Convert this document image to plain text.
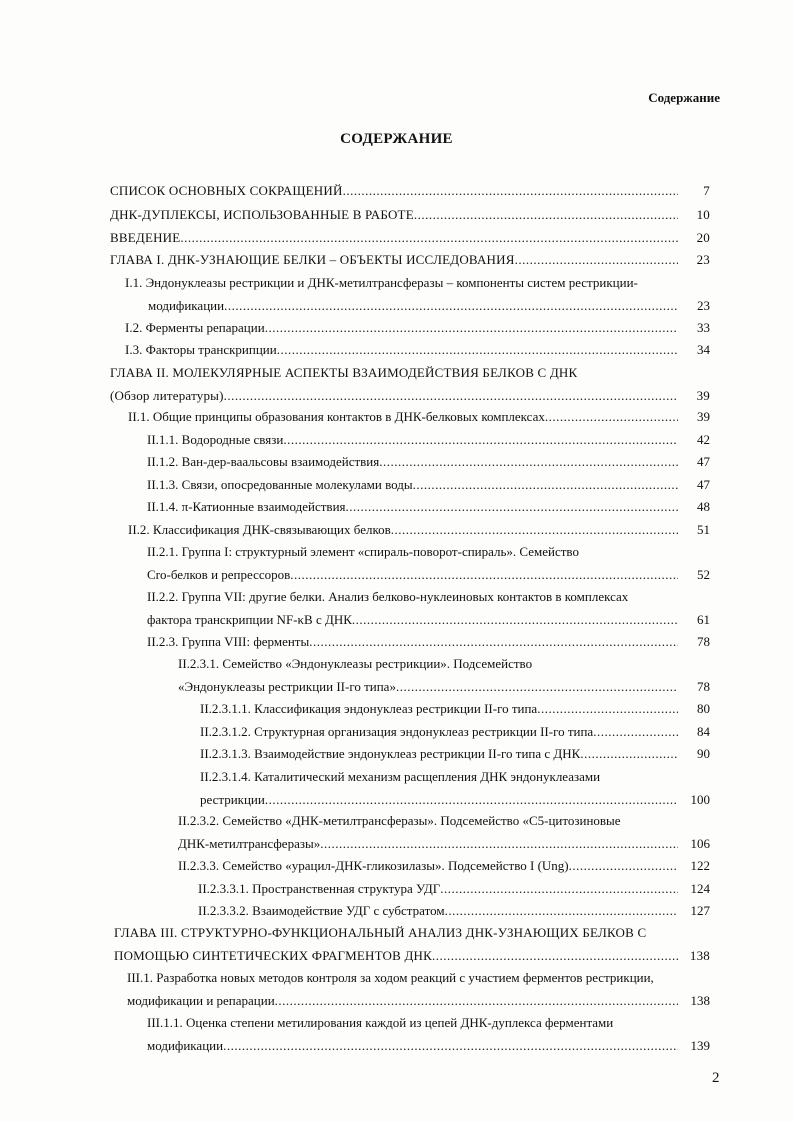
Содержание
СОДЕРЖАНИЕ
СПИСОК ОСНОВНЫХ СОКРАЩЕНИЙ .....	7
ДНК-ДУПЛЕКСЫ, ИСПОЛЬЗОВАННЫЕ В РАБОТЕ .....	10
ВВЕДЕНИЕ .....	20
ГЛАВА I. ДНК-УЗНАЮЩИЕ БЕЛКИ – ОБЪЕКТЫ ИССЛЕДОВАНИЯ .....	23
I.1. Эндонуклеазы рестрикции и ДНК-метилтрансферазы – компоненты систем рестрикции-
модификации .....	23
I.2. Ферменты репарации .....	33
I.3. Факторы транскрипции .....	34
ГЛАВА II. МОЛЕКУЛЯРНЫЕ АСПЕКТЫ ВЗАИМОДЕЙСТВИЯ БЕЛКОВ С ДНК
(Обзор литературы) .....	39
II.1. Общие принципы образования контактов в ДНК-белковых комплексах .....	39
II.1.1. Водородные связи .....	42
II.1.2. Ван-дер-ваальсовы взаимодействия .....	47
II.1.3. Связи, опосредованные молекулами воды .....	47
II.1.4. π-Катионные взаимодействия .....	48
II.2. Классификация ДНК-связывающих белков .....	51
II.2.1. Группа I: структурный элемент «спираль-поворот-спираль». Семейство
Cro-белков и репрессоров .....	52
II.2.2. Группа VII: другие белки. Анализ белково-нуклеиновых контактов в комплексах
фактора транскрипции NF-κB с ДНК .....	61
II.2.3. Группа VIII: ферменты .....	78
II.2.3.1. Семейство «Эндонуклеазы рестрикции». Подсемейство
«Эндонуклеазы рестрикции II-го типа» .....	78
II.2.3.1.1. Классификация эндонуклеаз рестрикции II-го типа .....	80
II.2.3.1.2. Структурная организация эндонуклеаз рестрикции II-го типа .....	84
II.2.3.1.3. Взаимодействие эндонуклеаз рестрикции II-го типа с ДНК .....	90
II.2.3.1.4. Каталитический механизм расщепления ДНК эндонуклеазами
рестрикции .....	100
II.2.3.2. Семейство «ДНК-метилтрансферазы». Подсемейство «C5-цитозиновые
ДНК-метилтрансферазы» .....	106
II.2.3.3. Семейство «урацил-ДНК-гликозилазы». Подсемейство I (Ung) .....	122
II.2.3.3.1. Пространственная структура УДГ .....	124
II.2.3.3.2. Взаимодействие УДГ с субстратом .....	127
ГЛАВА III. СТРУКТУРНО-ФУНКЦИОНАЛЬНЫЙ АНАЛИЗ ДНК-УЗНАЮЩИХ БЕЛКОВ С
ПОМОЩЬЮ СИНТЕТИЧЕСКИХ ФРАГМЕНТОВ ДНК .....	138
III.1. Разработка новых методов контроля за ходом реакций с участием ферментов рестрикции,
модификации и репарации .....	138
III.1.1. Оценка степени метилирования каждой из цепей ДНК-дуплекса ферментами
модификации .....	139
2
